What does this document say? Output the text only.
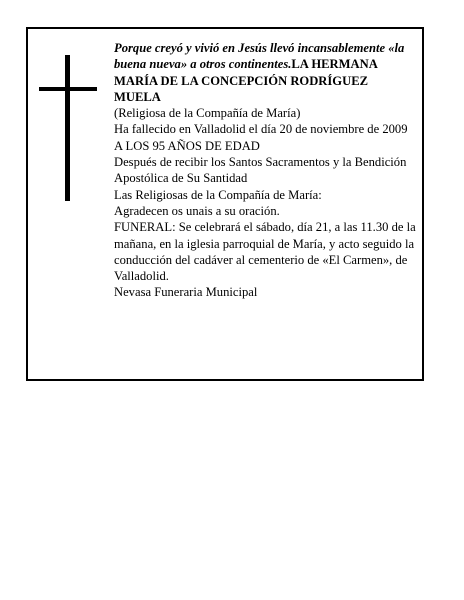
Porque creyó y vivió en Jesús llevó incansablemente «la buena nueva» a otros continentes.LA HERMANA MARÍA DE LA CONCEPCIÓN RODRÍGUEZ MUELA

(Religiosa de la Compañía de María)

Ha fallecido en Valladolid el día 20 de noviembre de 2009

A LOS 95 AÑOS DE EDAD

Después de recibir los Santos Sacramentos y la Bendición Apostólica de Su Santidad

Las Religiosas de la Compañía de María:

Agradecen os unais a su oración.

FUNERAL: Se celebrará el sábado, día 21, a las 11.30 de la mañana, en la iglesia parroquial de María, y acto seguido la conducción del cadáver al cementerio de «El Carmen», de Valladolid.

Nevasa Funeraria Municipal
